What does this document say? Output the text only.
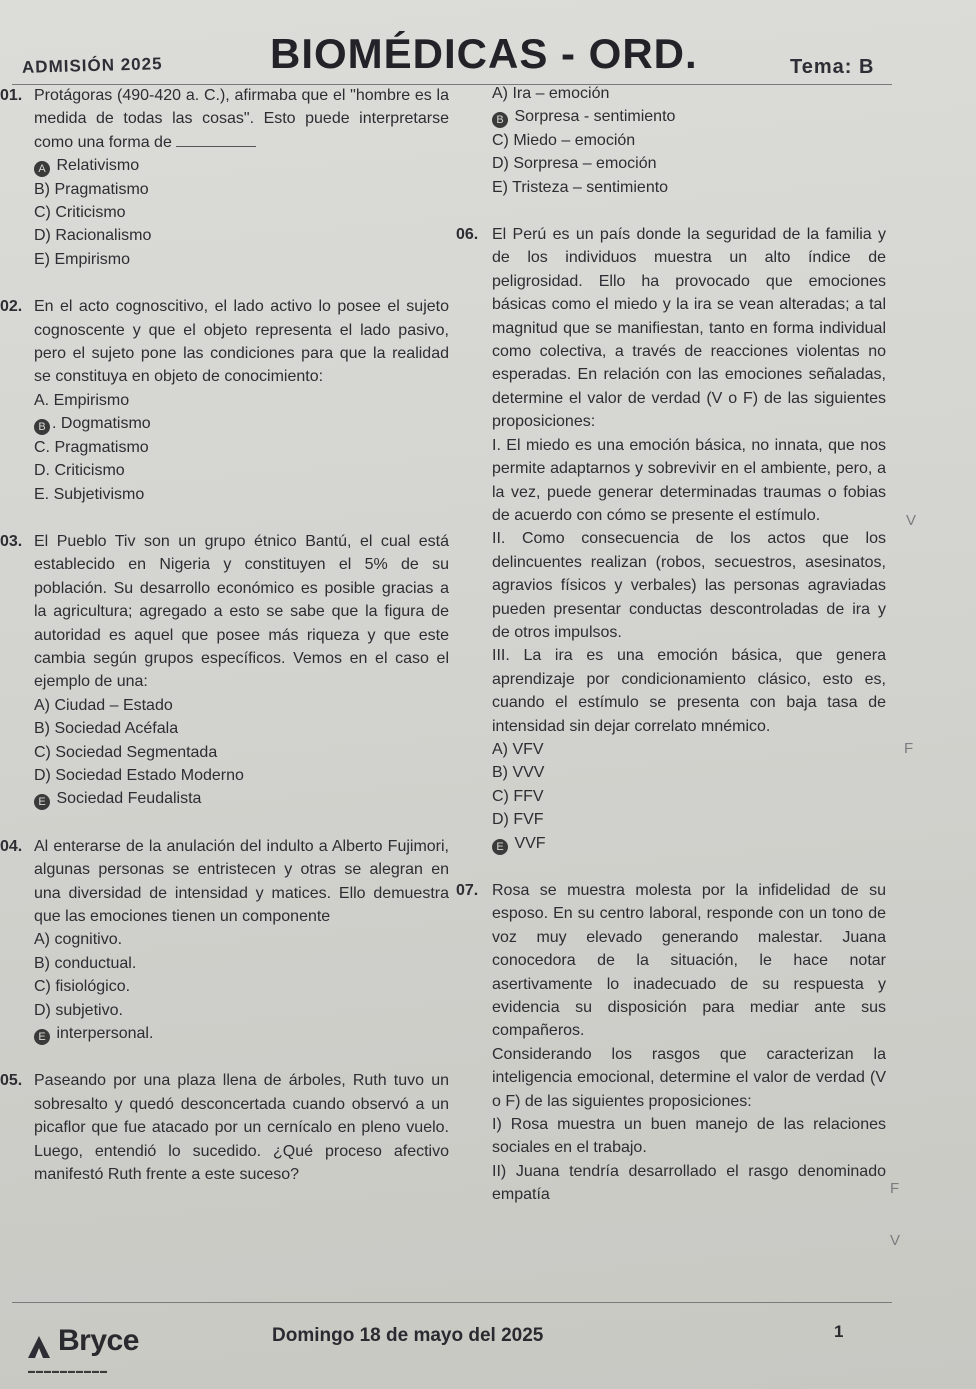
ADMISIÓN 2025	BIOMÉDICAS - ORD.	Tema: B
01. Protágoras (490-420 a. C.), afirmaba que el "hombre es la medida de todas las cosas". Esto puede interpretarse como una forma de
A Relativismo
B) Pragmatismo
C) Criticismo
D) Racionalismo
E) Empirismo
02. En el acto cognoscitivo, el lado activo lo posee el sujeto cognoscente y que el objeto representa el lado pasivo, pero el sujeto pone las condiciones para que la realidad se constituya en objeto de conocimiento:
A. Empirismo
B . Dogmatismo
C. Pragmatismo
D. Criticismo
E. Subjetivismo
03. El Pueblo Tiv son un grupo étnico Bantú, el cual está establecido en Nigeria y constituyen el 5% de su población. Su desarrollo económico es posible gracias a la agricultura; agregado a esto se sabe que la figura de autoridad es aquel que posee más riqueza y que este cambia según grupos específicos. Vemos en el caso el ejemplo de una:
A) Ciudad – Estado
B) Sociedad Acéfala
C) Sociedad Segmentada
D) Sociedad Estado Moderno
E Sociedad Feudalista
04. Al enterarse de la anulación del indulto a Alberto Fujimori, algunas personas se entristecen y otras se alegran en una diversidad de intensidad y matices. Ello demuestra que las emociones tienen un componente
A) cognitivo.
B) conductual.
C) fisiológico.
D) subjetivo.
E interpersonal.
05. Paseando por una plaza llena de árboles, Ruth tuvo un sobresalto y quedó desconcertada cuando observó a un picaflor que fue atacado por un cernícalo en pleno vuelo. Luego, entendió lo sucedido. ¿Qué proceso afectivo manifestó Ruth frente a este suceso?
A) Ira – emoción
B Sorpresa - sentimiento
C) Miedo – emoción
D) Sorpresa – emoción
E) Tristeza – sentimiento
06. El Perú es un país donde la seguridad de la familia y de los individuos muestra un alto índice de peligrosidad. Ello ha provocado que emociones básicas como el miedo y la ira se vean alteradas; a tal magnitud que se manifiestan, tanto en forma individual como colectiva, a través de reacciones violentas no esperadas. En relación con las emociones señaladas, determine el valor de verdad (V o F) de las siguientes proposiciones:
I. El miedo es una emoción básica, no innata, que nos permite adaptarnos y sobrevivir en el ambiente, pero, a la vez, puede generar determinadas traumas o fobias de acuerdo con cómo se presente el estímulo.
II. Como consecuencia de los actos que los delincuentes realizan (robos, secuestros, asesinatos, agravios físicos y verbales) las personas agraviadas pueden presentar conductas descontroladas de ira y de otros impulsos.
III. La ira es una emoción básica, que genera aprendizaje por condicionamiento clásico, esto es, cuando el estímulo se presenta con baja tasa de intensidad sin dejar correlato mnémico.
A) VFV
B) VVV
C) FFV
D) FVF
E VVF
07. Rosa se muestra molesta por la infidelidad de su esposo. En su centro laboral, responde con un tono de voz muy elevado generando malestar. Juana conocedora de la situación, le hace notar asertivamente lo inadecuado de su respuesta y evidencia su disposición para mediar ante sus compañeros.
Considerando los rasgos que caracterizan la inteligencia emocional, determine el valor de verdad (V o F) de las siguientes proposiciones:
I) Rosa muestra un buen manejo de las relaciones sociales en el trabajo.
II) Juana tendría desarrollado el rasgo denominado empatía
V
F
F
V
Bryce
▬▬▬▬▬▬▬▬▬▬
Domingo 18 de mayo del 2025	1
